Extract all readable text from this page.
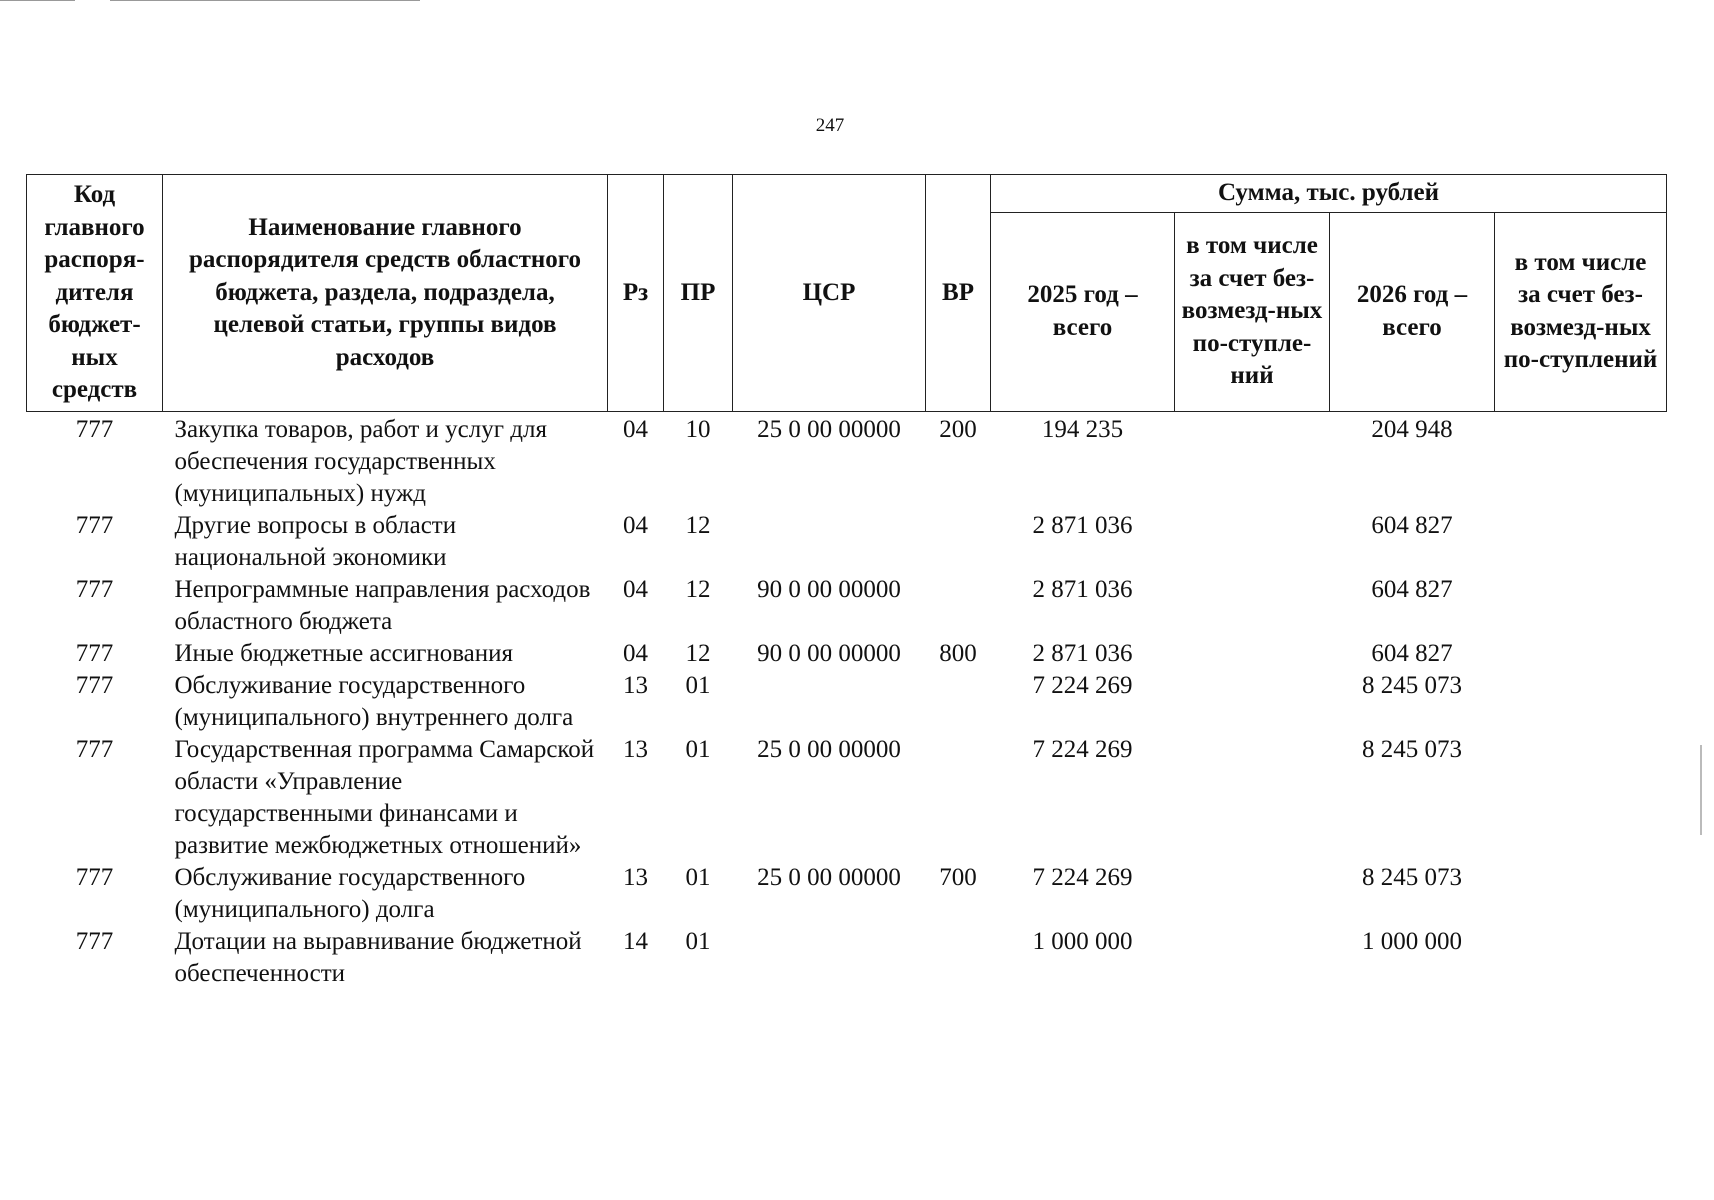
247
Код главного распоря-дителя бюджет-ных средств	Наименование главного распорядителя средств областного бюджета, раздела, подраздела, целевой статьи, группы видов расходов	Рз	ПР	ЦСР	ВР	Сумма, тыс. рублей			
						2025 год – всего	в том числе за счет без-возмезд-ных по-ступле-ний	2026 год – всего	в том числе за счет без-возмезд-ных по-ступлений
777	Закупка товаров, работ и услуг для обеспечения государственных (муниципальных) нужд	04	10	25 0 00 00000	200	194 235		204 948	
777	Другие вопросы в области национальной экономики	04	12			2 871 036		604 827	
777	Непрограммные направления расходов областного бюджета	04	12	90 0 00 00000		2 871 036		604 827	
777	Иные бюджетные ассигнования	04	12	90 0 00 00000	800	2 871 036		604 827	
777	Обслуживание государственного (муниципального) внутреннего долга	13	01			7 224 269		8 245 073	
777	Государственная программа Самарской области «Управление государственными финансами и развитие межбюджетных отношений»	13	01	25 0 00 00000		7 224 269		8 245 073	
777	Обслуживание государственного (муниципального) долга	13	01	25 0 00 00000	700	7 224 269		8 245 073	
777	Дотации на выравнивание бюджетной обеспеченности	14	01			1 000 000		1 000 000	
